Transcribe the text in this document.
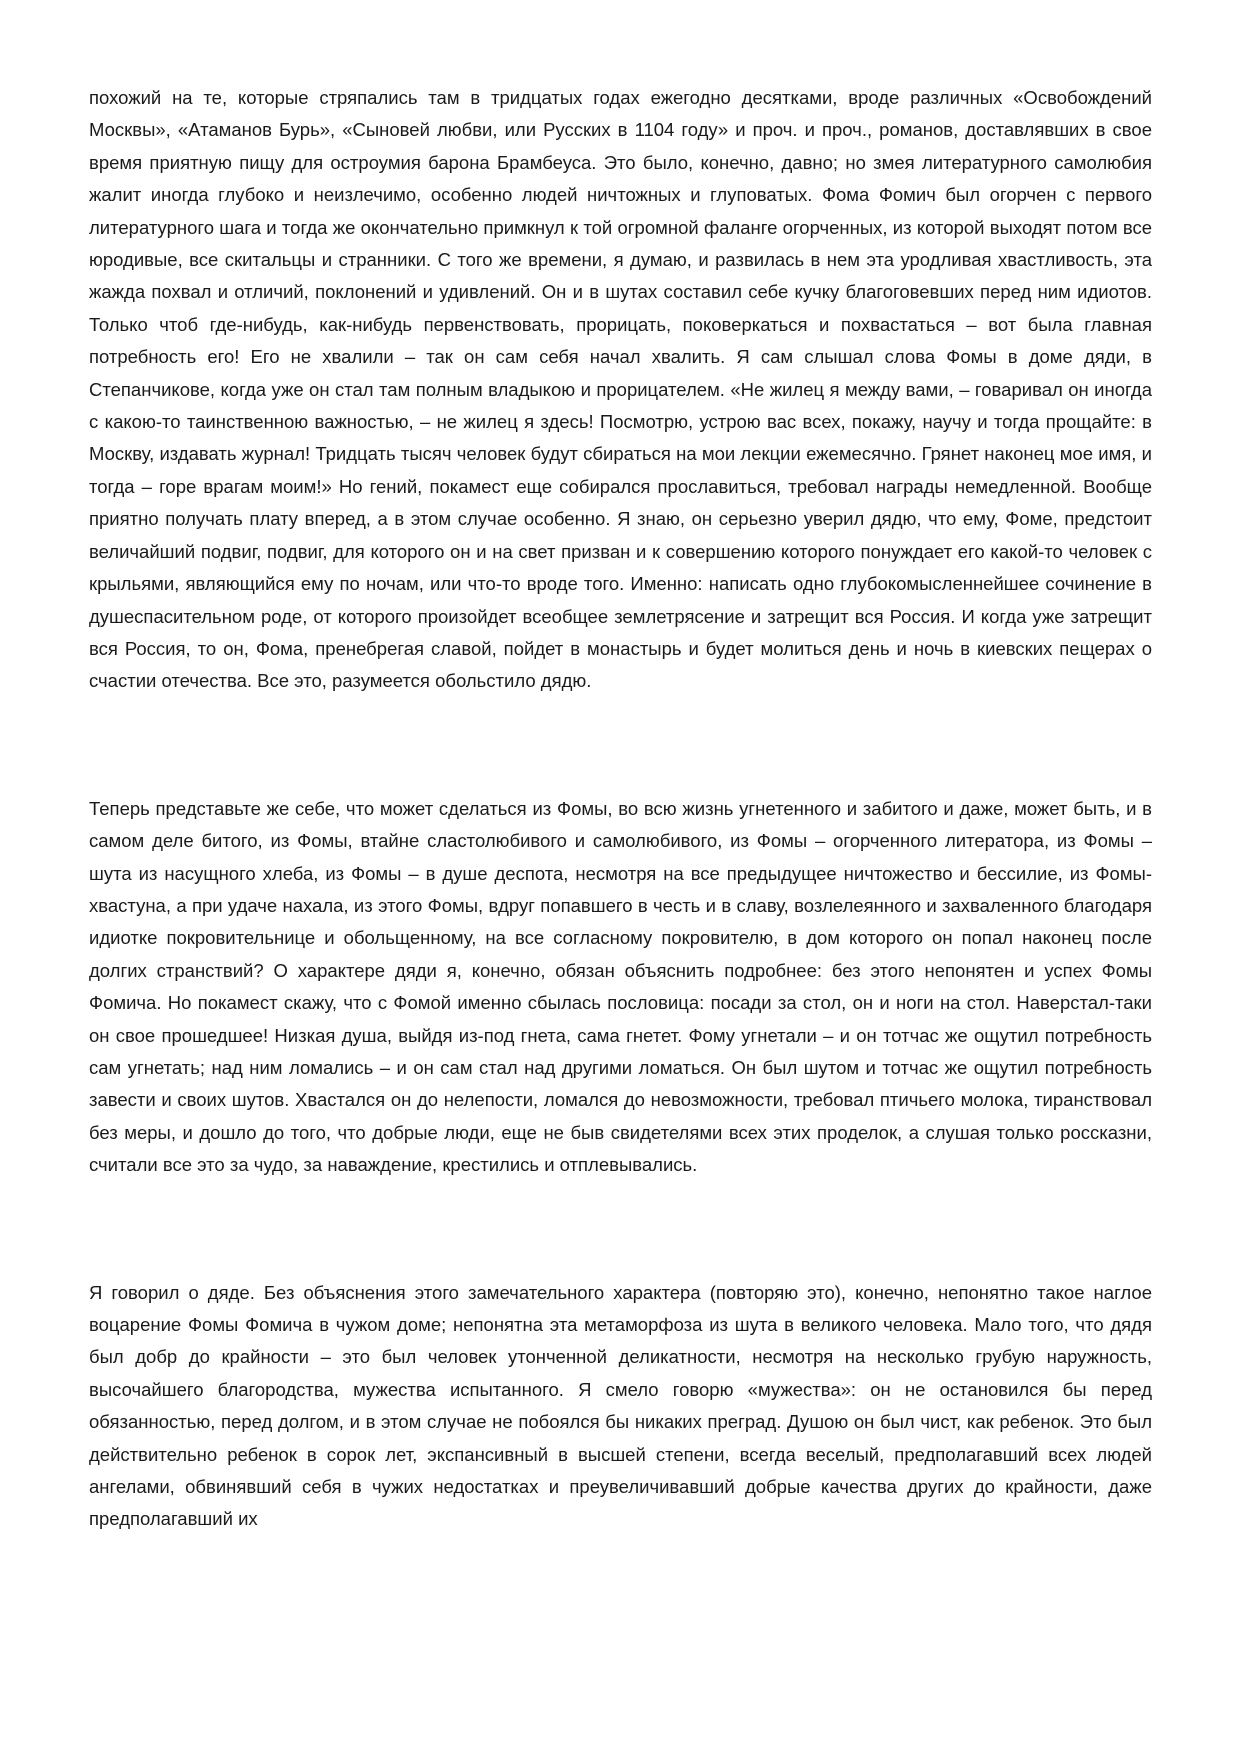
похожий на те, которые стряпались там в тридцатых годах ежегодно десятками, вроде различных «Освобождений Москвы», «Атаманов Бурь», «Сыновей любви, или Русских в 1104 году» и проч. и проч., романов, доставлявших в свое время приятную пищу для остроумия барона Брамбеуса. Это было, конечно, давно; но змея литературного самолюбия жалит иногда глубоко и неизлечимо, особенно людей ничтожных и глуповатых. Фома Фомич был огорчен с первого литературного шага и тогда же окончательно примкнул к той огромной фаланге огорченных, из которой выходят потом все юродивые, все скитальцы и странники. С того же времени, я думаю, и развилась в нем эта уродливая хвастливость, эта жажда похвал и отличий, поклонений и удивлений. Он и в шутах составил себе кучку благоговевших перед ним идиотов. Только чтоб где-нибудь, как-нибудь первенствовать, прорицать, поковеркаться и похвастаться – вот была главная потребность его! Его не хвалили – так он сам себя начал хвалить. Я сам слышал слова Фомы в доме дяди, в Степанчикове, когда уже он стал там полным владыкою и прорицателем. «Не жилец я между вами, – говаривал он иногда с какою-то таинственною важностью, – не жилец я здесь! Посмотрю, устрою вас всех, покажу, научу и тогда прощайте: в Москву, издавать журнал! Тридцать тысяч человек будут сбираться на мои лекции ежемесячно. Грянет наконец мое имя, и тогда – горе врагам моим!» Но гений, покамест еще собирался прославиться, требовал награды немедленной. Вообще приятно получать плату вперед, а в этом случае особенно. Я знаю, он серьезно уверил дядю, что ему, Фоме, предстоит величайший подвиг, подвиг, для которого он и на свет призван и к совершению которого понуждает его какой-то человек с крыльями, являющийся ему по ночам, или что-то вроде того. Именно: написать одно глубокомысленнейшее сочинение в душеспасительном роде, от которого произойдет всеобщее землетрясение и затрещит вся Россия. И когда уже затрещит вся Россия, то он, Фома, пренебрегая славой, пойдет в монастырь и будет молиться день и ночь в киевских пещерах о счастии отечества. Все это, разумеется обольстило дядю.

Теперь представьте же себе, что может сделаться из Фомы, во всю жизнь угнетенного и забитого и даже, может быть, и в самом деле битого, из Фомы, втайне сластолюбивого и самолюбивого, из Фомы – огорченного литератора, из Фомы – шута из насущного хлеба, из Фомы – в душе деспота, несмотря на все предыдущее ничтожество и бессилие, из Фомы-хвастуна, а при удаче нахала, из этого Фомы, вдруг попавшего в честь и в славу, возлелеянного и захваленного благодаря идиотке покровительнице и обольщенному, на все согласному покровителю, в дом которого он попал наконец после долгих странствий? О характере дяди я, конечно, обязан объяснить подробнее: без этого непонятен и успех Фомы Фомича. Но покамест скажу, что с Фомой именно сбылась пословица: посади за стол, он и ноги на стол. Наверстал-таки он свое прошедшее! Низкая душа, выйдя из-под гнета, сама гнетет. Фому угнетали – и он тотчас же ощутил потребность сам угнетать; над ним ломались – и он сам стал над другими ломаться. Он был шутом и тотчас же ощутил потребность завести и своих шутов. Хвастался он до нелепости, ломался до невозможности, требовал птичьего молока, тиранствовал без меры, и дошло до того, что добрые люди, еще не быв свидетелями всех этих проделок, а слушая только россказни, считали все это за чудо, за наваждение, крестились и отплевывались.

Я говорил о дяде. Без объяснения этого замечательного характера (повторяю это), конечно, непонятно такое наглое воцарение Фомы Фомича в чужом доме; непонятна эта метаморфоза из шута в великого человека. Мало того, что дядя был добр до крайности – это был человек утонченной деликатности, несмотря на несколько грубую наружность, высочайшего благородства, мужества испытанного. Я смело говорю «мужества»: он не остановился бы перед обязанностью, перед долгом, и в этом случае не побоялся бы никаких преград. Душою он был чист, как ребенок. Это был действительно ребенок в сорок лет, экспансивный в высшей степени, всегда веселый, предполагавший всех людей ангелами, обвинявший себя в чужих недостатках и преувеличивавший добрые качества других до крайности, даже предполагавший их
